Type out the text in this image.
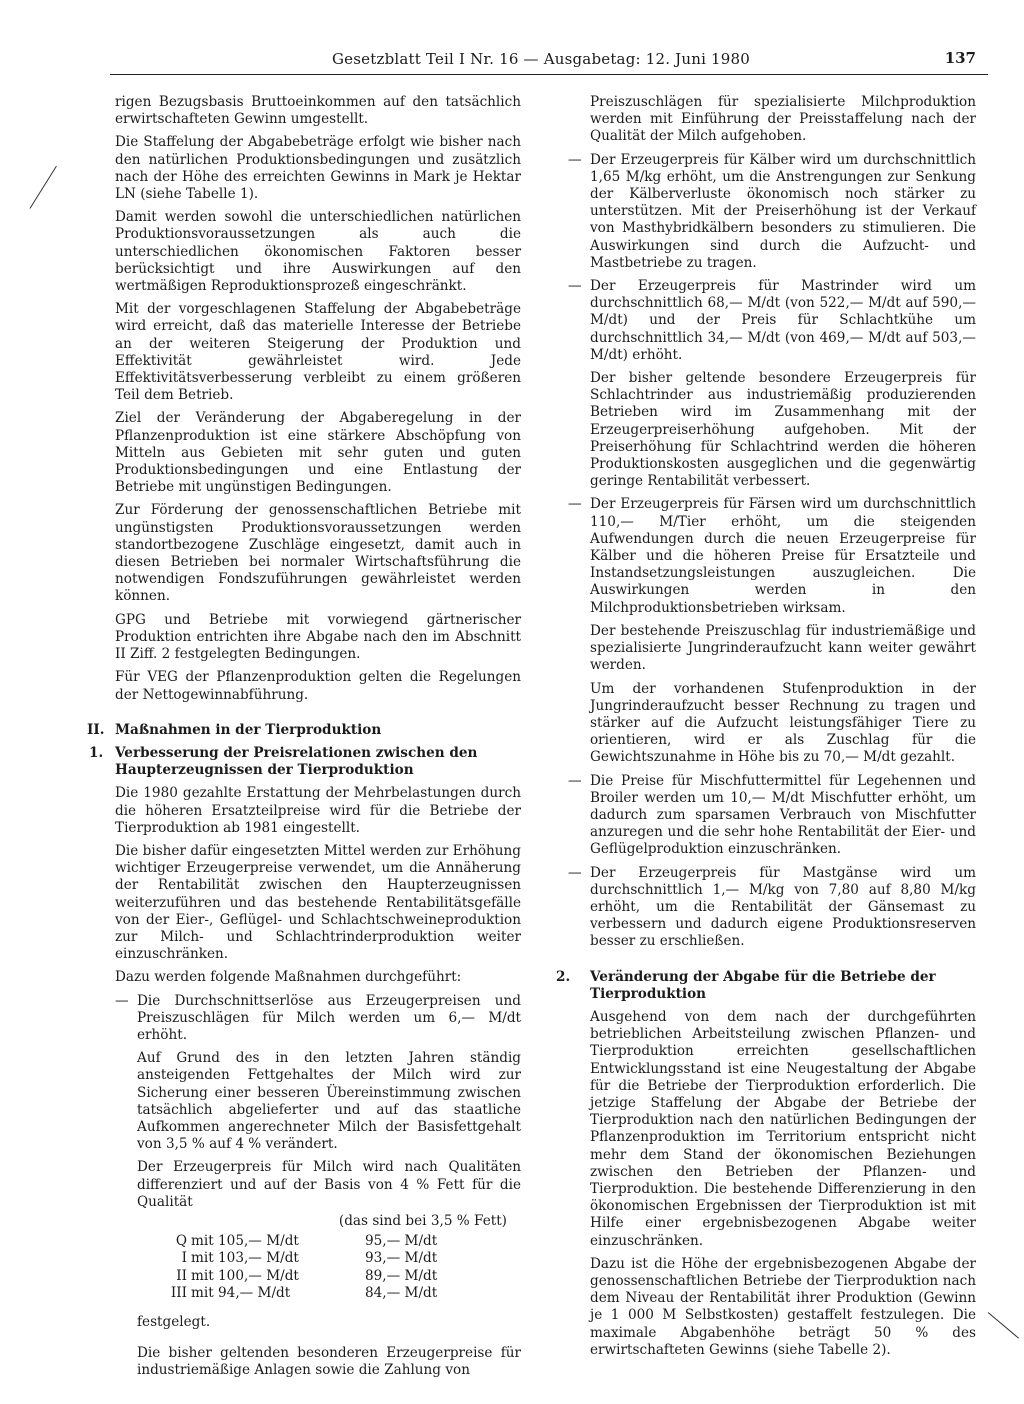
Gesetzblatt Teil I Nr. 16 — Ausgabetag: 12. Juni 1980	137

rigen Bezugsbasis Bruttoeinkommen auf den tatsächlich erwirtschafteten Gewinn umgestellt.

Die Staffelung der Abgabebeträge erfolgt wie bisher nach den natürlichen Produktionsbedingungen und zusätzlich nach der Höhe des erreichten Gewinns in Mark je Hektar LN (siehe Tabelle 1).

Damit werden sowohl die unterschiedlichen natürlichen Produktionsvoraussetzungen als auch die unterschiedlichen ökonomischen Faktoren besser berücksichtigt und ihre Auswirkungen auf den wertmäßigen Reproduktionsprozeß eingeschränkt.

Mit der vorgeschlagenen Staffelung der Abgabebeträge wird erreicht, daß das materielle Interesse der Betriebe an der weiteren Steigerung der Produktion und Effektivität gewährleistet wird. Jede Effektivitätsverbesserung verbleibt zu einem größeren Teil dem Betrieb.

Ziel der Veränderung der Abgaberegelung in der Pflanzenproduktion ist eine stärkere Abschöpfung von Mitteln aus Gebieten mit sehr guten und guten Produktionsbedingungen und eine Entlastung der Betriebe mit ungünstigen Bedingungen.

Zur Förderung der genossenschaftlichen Betriebe mit ungünstigsten Produktionsvoraussetzungen werden standortbezogene Zuschläge eingesetzt, damit auch in diesen Betrieben bei normaler Wirtschaftsführung die notwendigen Fondszuführungen gewährleistet werden können.

GPG und Betriebe mit vorwiegend gärtnerischer Produktion entrichten ihre Abgabe nach den im Abschnitt II Ziff. 2 festgelegten Bedingungen.

Für VEG der Pflanzenproduktion gelten die Regelungen der Nettogewinnabführung.

II. Maßnahmen in der Tierproduktion
1. Verbesserung der Preisrelationen zwischen den Haupterzeugnissen der Tierproduktion

Die 1980 gezahlte Erstattung der Mehrbelastungen durch die höheren Ersatzteilpreise wird für die Betriebe der Tierproduktion ab 1981 eingestellt.

Die bisher dafür eingesetzten Mittel werden zur Erhöhung wichtiger Erzeugerpreise verwendet, um die Annäherung der Rentabilität zwischen den Haupterzeugnissen weiterzuführen und das bestehende Rentabilitätsgefälle von der Eier-, Geflügel- und Schlachtschweineproduktion zur Milch- und Schlachtrinderproduktion weiter einzuschränken.

Dazu werden folgende Maßnahmen durchgeführt:

— Die Durchschnittserlöse aus Erzeugerpreisen und Preiszuschlägen für Milch werden um 6,— M/dt erhöht.

Auf Grund des in den letzten Jahren ständig ansteigenden Fettgehaltes der Milch wird zur Sicherung einer besseren Übereinstimmung zwischen tatsächlich abgelieferter und auf das staatliche Aufkommen angerechneter Milch der Basisfettgehalt von 3,5 % auf 4 % verändert.

Der Erzeugerpreis für Milch wird nach Qualitäten differenziert und auf der Basis von 4 % Fett für die Qualität

(das sind bei 3,5 % Fett)
Q	mit 105,— M/dt	95,— M/dt
I	mit 103,— M/dt	93,— M/dt
II	mit 100,— M/dt	89,— M/dt
III	mit 94,— M/dt	84,— M/dt

festgelegt.

Die bisher geltenden besonderen Erzeugerpreise für industriemäßige Anlagen sowie die Zahlung von

Preiszuschlägen für spezialisierte Milchproduktion werden mit Einführung der Preisstaffelung nach der Qualität der Milch aufgehoben.

— Der Erzeugerpreis für Kälber wird um durchschnittlich 1,65 M/kg erhöht, um die Anstrengungen zur Senkung der Kälberverluste ökonomisch noch stärker zu unterstützen. Mit der Preiserhöhung ist der Verkauf von Masthybridkälbern besonders zu stimulieren. Die Auswirkungen sind durch die Aufzucht- und Mastbetriebe zu tragen.
— Der Erzeugerpreis für Mastrinder wird um durchschnittlich 68,— M/dt (von 522,— M/dt auf 590,— M/dt) und der Preis für Schlachtkühe um durchschnittlich 34,— M/dt (von 469,— M/dt auf 503,— M/dt) erhöht.

Der bisher geltende besondere Erzeugerpreis für Schlachtrinder aus industriemäßig produzierenden Betrieben wird im Zusammenhang mit der Erzeugerpreiserhöhung aufgehoben. Mit der Preiserhöhung für Schlachtrind werden die höheren Produktionskosten ausgeglichen und die gegenwärtig geringe Rentabilität verbessert.

— Der Erzeugerpreis für Färsen wird um durchschnittlich 110,— M/Tier erhöht, um die steigenden Aufwendungen durch die neuen Erzeugerpreise für Kälber und die höheren Preise für Ersatzteile und Instandsetzungsleistungen auszugleichen. Die Auswirkungen werden in den Milchproduktionsbetrieben wirksam.

Der bestehende Preiszuschlag für industriemäßige und spezialisierte Jungrinderaufzucht kann weiter gewährt werden.

Um der vorhandenen Stufenproduktion in der Jungrinderaufzucht besser Rechnung zu tragen und stärker auf die Aufzucht leistungsfähiger Tiere zu orientieren, wird er als Zuschlag für die Gewichtszunahme in Höhe bis zu 70,— M/dt gezahlt.

— Die Preise für Mischfuttermittel für Legehennen und Broiler werden um 10,— M/dt Mischfutter erhöht, um dadurch zum sparsamen Verbrauch von Mischfutter anzuregen und die sehr hohe Rentabilität der Eier- und Geflügelproduktion einzuschränken.
— Der Erzeugerpreis für Mastgänse wird um durchschnittlich 1,— M/kg von 7,80 auf 8,80 M/kg erhöht, um die Rentabilität der Gänsemast zu verbessern und dadurch eigene Produktionsreserven besser zu erschließen.
2. Veränderung der Abgabe für die Betriebe der Tierproduktion

Ausgehend von dem nach der durchgeführten betrieblichen Arbeitsteilung zwischen Pflanzen- und Tierproduktion erreichten gesellschaftlichen Entwicklungsstand ist eine Neugestaltung der Abgabe für die Betriebe der Tierproduktion erforderlich. Die jetzige Staffelung der Abgabe der Betriebe der Tierproduktion nach den natürlichen Bedingungen der Pflanzenproduktion im Territorium entspricht nicht mehr dem Stand der ökonomischen Beziehungen zwischen den Betrieben der Pflanzen- und Tierproduktion. Die bestehende Differenzierung in den ökonomischen Ergebnissen der Tierproduktion ist mit Hilfe einer ergebnisbezogenen Abgabe weiter einzuschränken.

Dazu ist die Höhe der ergebnisbezogenen Abgabe der genossenschaftlichen Betriebe der Tierproduktion nach dem Niveau der Rentabilität ihrer Produktion (Gewinn je 1 000 M Selbstkosten) gestaffelt festzulegen. Die maximale Abgabenhöhe beträgt 50 % des erwirtschafteten Gewinns (siehe Tabelle 2).
